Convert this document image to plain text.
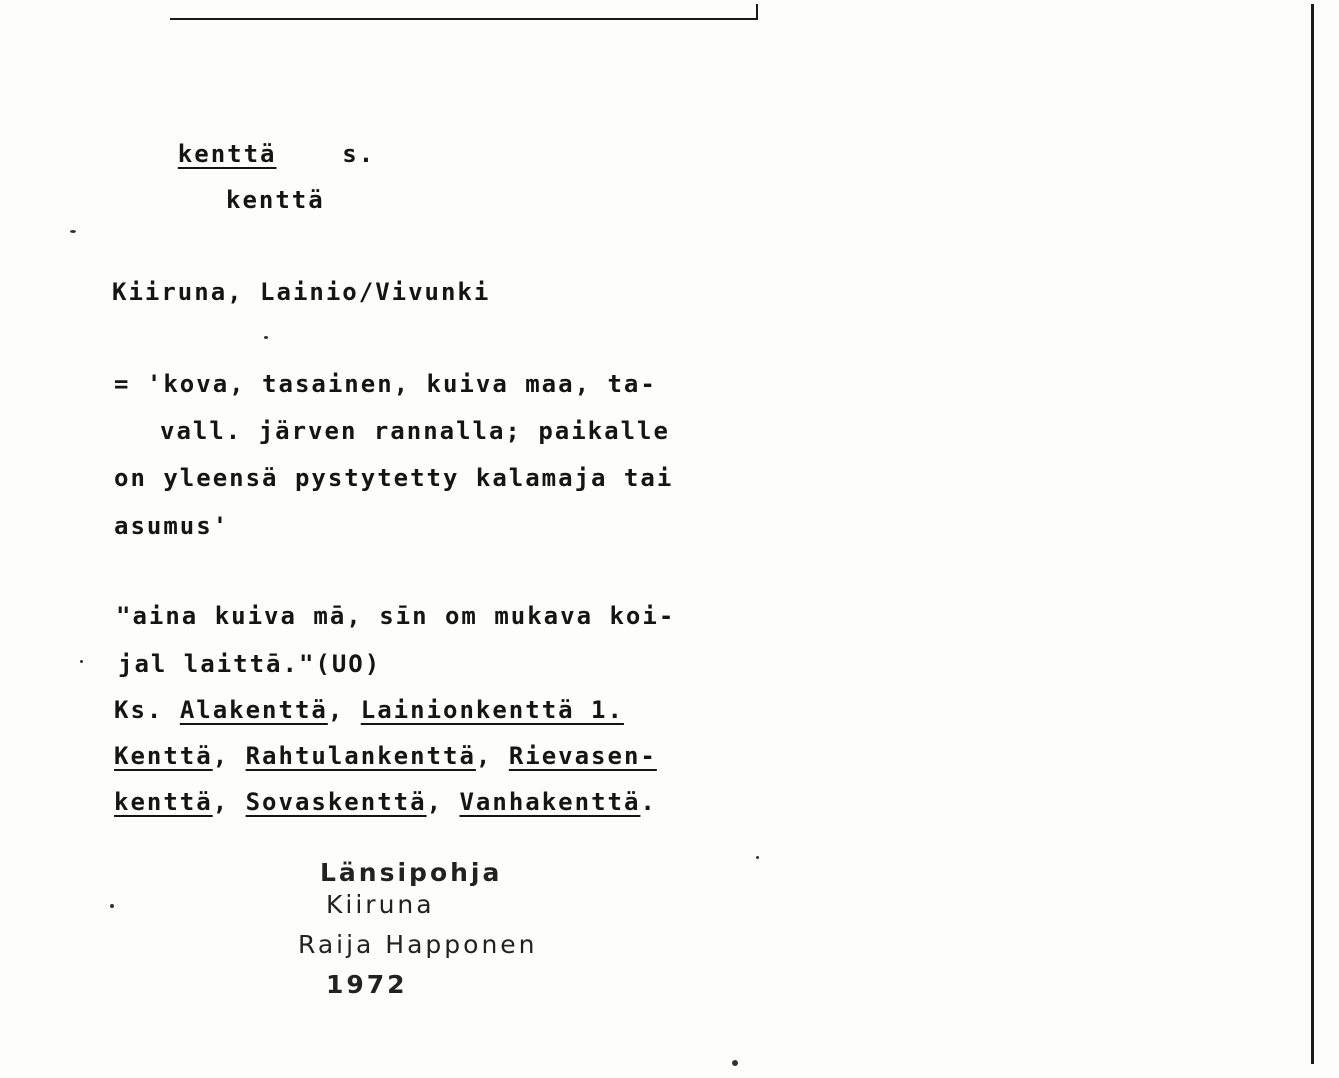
kenttä	s.

kenttä
Kiiruna, Lainio/Vivunki
= 'kova, tasainen, kuiva maa, ta-
vall. järven rannalla; paikalle
on yleensä pystytetty kalamaja tai
asumus'
"aina kuiva mā, sīn om mukava koi-
jal laittā."(UO)
Ks. Alakenttä, Lainionkenttä 1.
Kenttä, Rahtulankenttä, Rievasen-
kenttä, Sovaskenttä, Vanhakenttä.
Länsipohja
Kiiruna
Raija Happonen
1972
